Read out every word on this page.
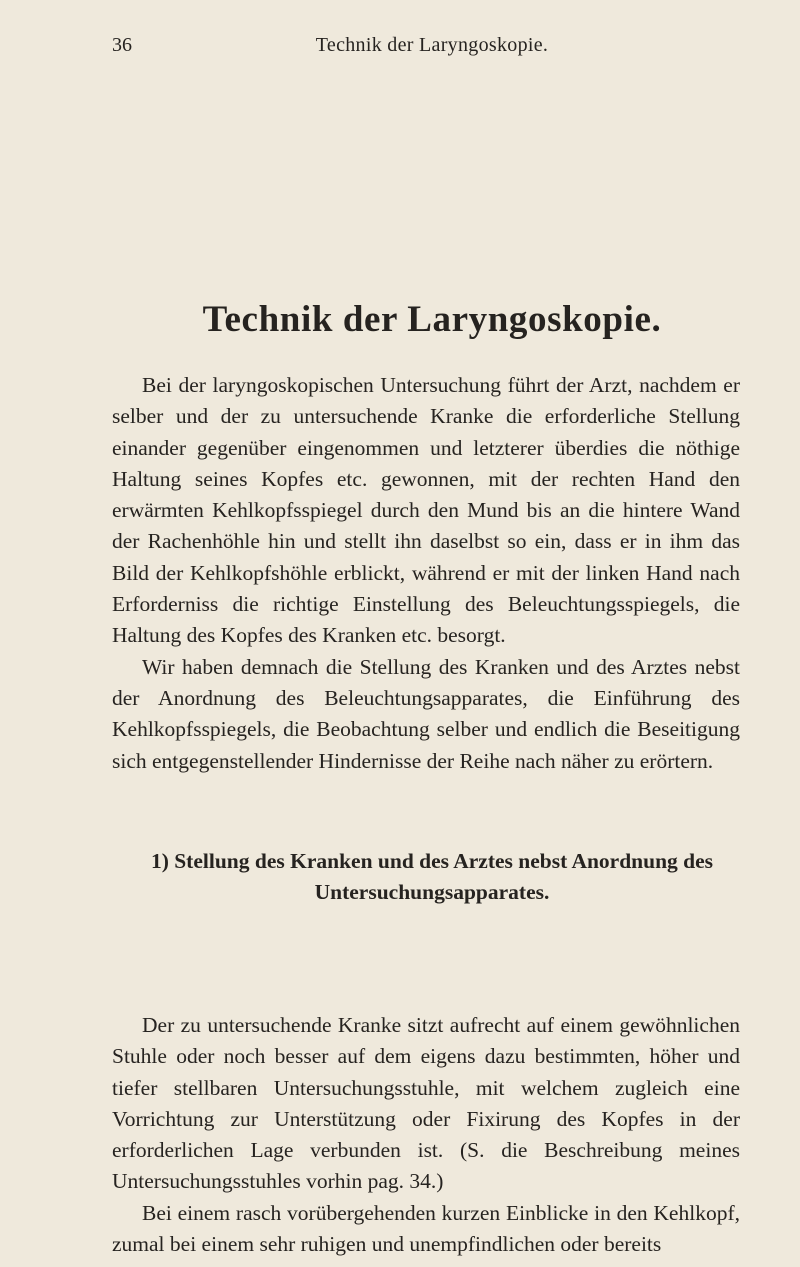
36	Technik der Laryngoskopie.
Technik der Laryngoskopie.

Bei der laryngoskopischen Untersuchung führt der Arzt, nachdem er selber und der zu untersuchende Kranke die erforderliche Stellung einander gegenüber eingenommen und letzterer überdies die nöthige Haltung seines Kopfes etc. gewonnen, mit der rechten Hand den erwärmten Kehlkopfsspiegel durch den Mund bis an die hintere Wand der Rachenhöhle hin und stellt ihn daselbst so ein, dass er in ihm das Bild der Kehlkopfshöhle erblickt, während er mit der linken Hand nach Erforderniss die richtige Einstellung des Beleuchtungsspiegels, die Haltung des Kopfes des Kranken etc. besorgt.

Wir haben demnach die Stellung des Kranken und des Arztes nebst der Anordnung des Beleuchtungsapparates, die Einführung des Kehlkopfsspiegels, die Beobachtung selber und endlich die Beseitigung sich entgegenstellender Hindernisse der Reihe nach näher zu erörtern.

1) Stellung des Kranken und des Arztes nebst Anordnung des
Untersuchungsapparates.

Der zu untersuchende Kranke sitzt aufrecht auf einem gewöhnlichen Stuhle oder noch besser auf dem eigens dazu bestimmten, höher und tiefer stellbaren Untersuchungsstuhle, mit welchem zugleich eine Vorrichtung zur Unterstützung oder Fixirung des Kopfes in der erforderlichen Lage verbunden ist. (S. die Beschreibung meines Untersuchungsstuhles vorhin pag. 34.)

Bei einem rasch vorübergehenden kurzen Einblicke in den Kehlkopf, zumal bei einem sehr ruhigen und unempfindlichen oder bereits
